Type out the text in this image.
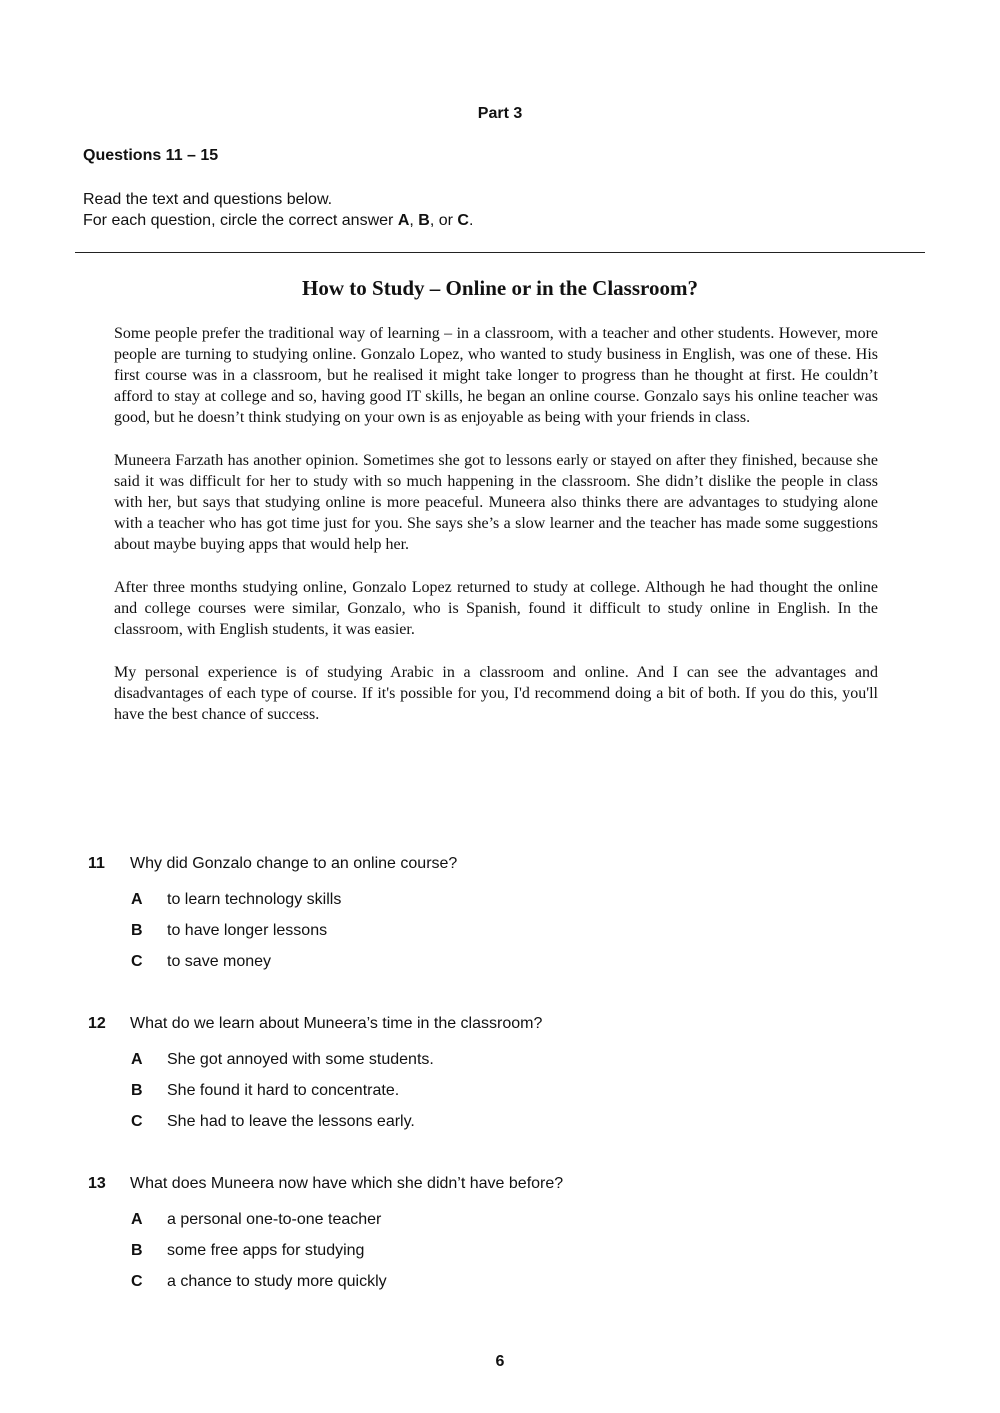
Part 3
Questions 11 – 15
Read the text and questions below.
For each question, circle the correct answer A, B, or C.
How to Study – Online or in the Classroom?

Some people prefer the traditional way of learning – in a classroom, with a teacher and other students. However, more people are turning to studying online. Gonzalo Lopez, who wanted to study business in English, was one of these. His first course was in a classroom, but he realised it might take longer to progress than he thought at first. He couldn’t afford to stay at college and so, having good IT skills, he began an online course. Gonzalo says his online teacher was good, but he doesn’t think studying on your own is as enjoyable as being with your friends in class.

Muneera Farzath has another opinion. Sometimes she got to lessons early or stayed on after they finished, because she said it was difficult for her to study with so much happening in the classroom. She didn’t dislike the people in class with her, but says that studying online is more peaceful. Muneera also thinks there are advantages to studying alone with a teacher who has got time just for you. She says she’s a slow learner and the teacher has made some suggestions about maybe buying apps that would help her.

After three months studying online, Gonzalo Lopez returned to study at college. Although he had thought the online and college courses were similar, Gonzalo, who is Spanish, found it difficult to study online in English. In the classroom, with English students, it was easier.

My personal experience is of studying Arabic in a classroom and online. And I can see the advantages and disadvantages of each type of course. If it's possible for you, I'd recommend doing a bit of both. If you do this, you'll have the best chance of success.

11	Why did Gonzalo change to an online course?
A	to learn technology skills
B	to have longer lessons
C	to save money
12	What do we learn about Muneera’s time in the classroom?
A	She got annoyed with some students.
B	She found it hard to concentrate.
C	She had to leave the lessons early.
13	What does Muneera now have which she didn’t have before?
A	a personal one-to-one teacher
B	some free apps for studying
C	a chance to study more quickly
6
